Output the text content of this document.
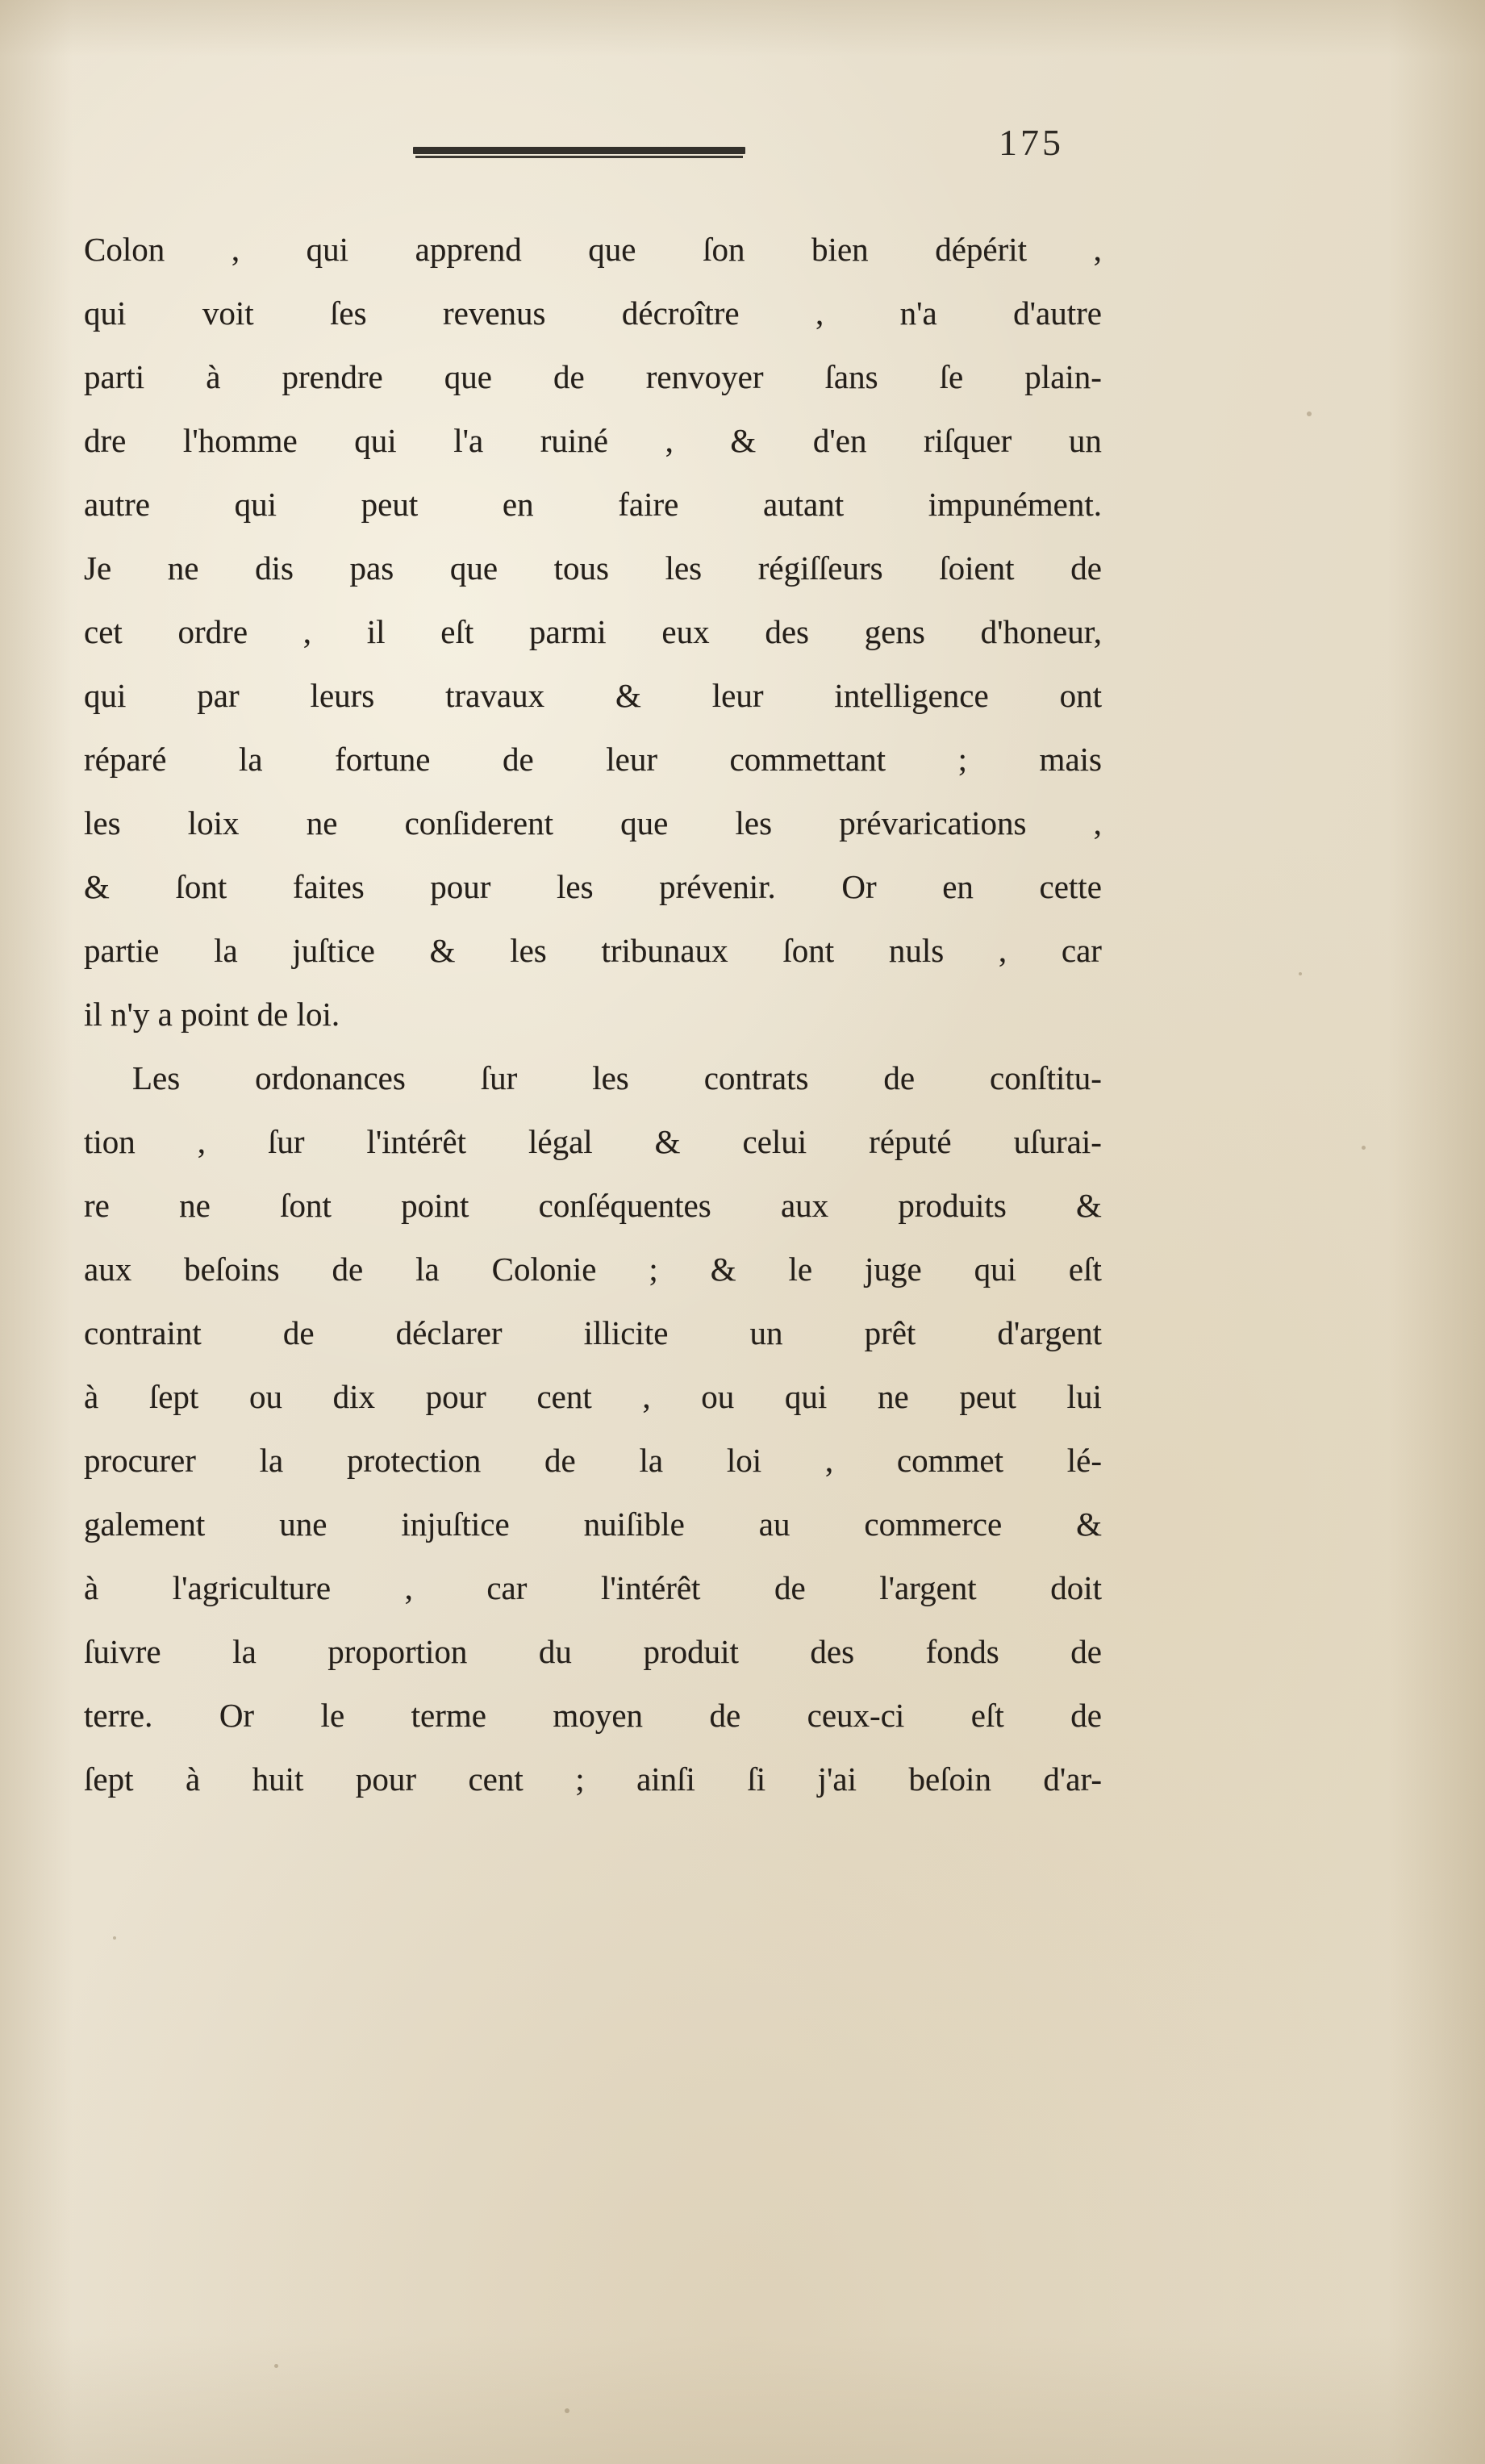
175
Colon , qui apprend que ſon bien dépérit ,
qui voit ſes revenus décroître , n'a d'autre
parti à prendre que de renvoyer ſans ſe plain-
dre l'homme qui l'a ruiné , & d'en riſquer un
autre	qui	peut	en	faire	autant	impunément.
Je ne dis pas que tous les régiſſeurs ſoient de
cet ordre , il eſt parmi eux des gens d'honeur,
qui par leurs travaux & leur intelligence ont
réparé la fortune de leur commettant ; mais
les loix ne conſiderent que les prévarications ,
& ſont faites pour les prévenir. Or en cette
partie la juſtice & les tribunaux ſont nuls , car
il n'y a point de loi.
Les ordonances ſur les contrats de conſtitu-
tion , ſur l'intérêt légal & celui réputé uſurai-
re ne ſont point conſéquentes aux produits &
aux beſoins de la Colonie ; & le juge qui eſt
contraint de déclarer illicite un prêt d'argent
à ſept ou dix pour cent , ou qui ne peut lui
procurer la protection de la loi , commet lé-
galement une injuſtice nuiſible au commerce &
à l'agriculture , car l'intérêt de l'argent doit
ſuivre la proportion du produit des fonds de
terre. Or le terme moyen de ceux-ci eſt de
ſept à huit pour cent ; ainſi ſi j'ai beſoin d'ar-
